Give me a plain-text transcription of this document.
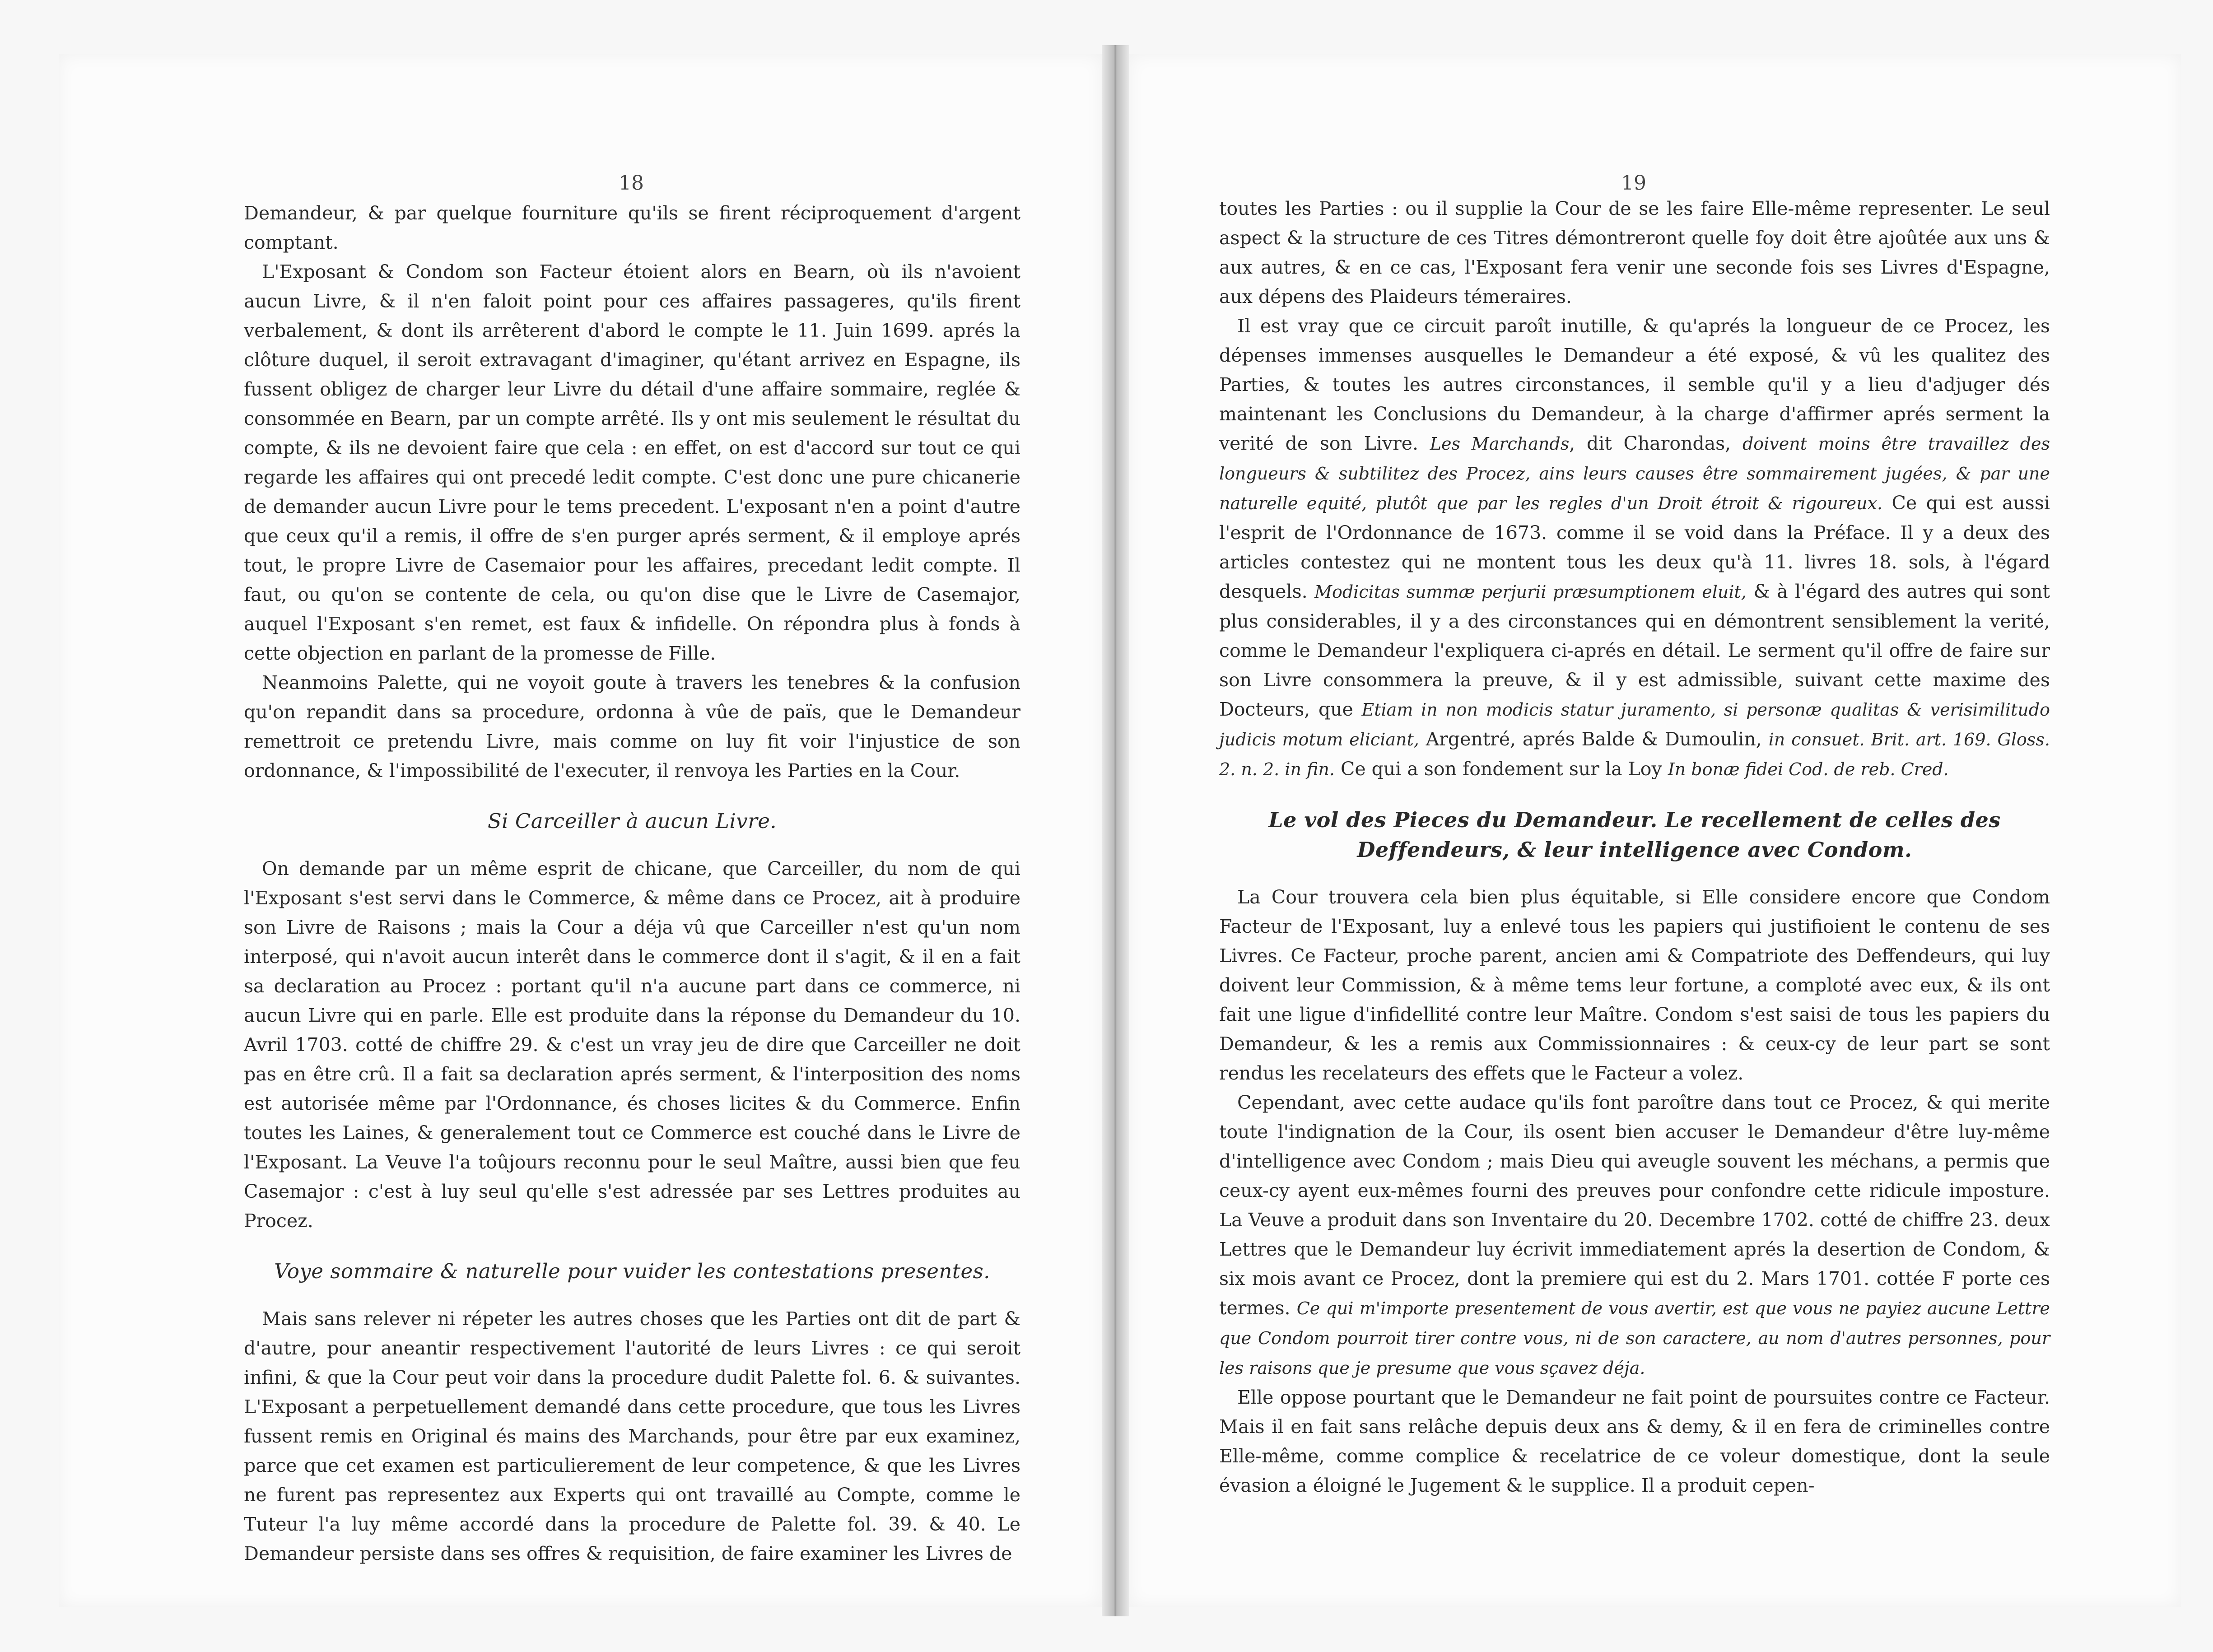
18	19

Demandeur, & par quelque fourniture qu'ils se firent réciproquement d'argent comptant.

L'Exposant & Condom son Facteur étoient alors en Bearn, où ils n'avoient aucun Livre, & il n'en faloit point pour ces affaires passageres, qu'ils firent verbalement, & dont ils arrêterent d'abord le compte le 11. Juin 1699. aprés la clôture duquel, il seroit extravagant d'imaginer, qu'étant arrivez en Espagne, ils fussent obligez de charger leur Livre du détail d'une affaire sommaire, reglée & consommée en Bearn, par un compte arrêté. Ils y ont mis seulement le résultat du compte, & ils ne devoient faire que cela : en effet, on est d'accord sur tout ce qui regarde les affaires qui ont precedé ledit compte. C'est donc une pure chicanerie de demander aucun Livre pour le tems precedent. L'exposant n'en a point d'autre que ceux qu'il a remis, il offre de s'en purger aprés serment, & il employe aprés tout, le propre Livre de Casemaior pour les affaires, precedant ledit compte. Il faut, ou qu'on se contente de cela, ou qu'on dise que le Livre de Casemajor, auquel l'Exposant s'en remet, est faux & infidelle. On répondra plus à fonds à cette objection en parlant de la promesse de Fille.

Neanmoins Palette, qui ne voyoit goute à travers les tenebres & la confusion qu'on repandit dans sa procedure, ordonna à vûe de païs, que le Demandeur remettroit ce pretendu Livre, mais comme on luy fit voir l'injustice de son ordonnance, & l'impossibilité de l'executer, il renvoya les Parties en la Cour.

Si Carceiller à aucun Livre.

On demande par un même esprit de chicane, que Carceiller, du nom de qui l'Exposant s'est servi dans le Commerce, & même dans ce Procez, ait à produire son Livre de Raisons ; mais la Cour a déja vû que Carceiller n'est qu'un nom interposé, qui n'avoit aucun interêt dans le commerce dont il s'agit, & il en a fait sa declaration au Procez : portant qu'il n'a aucune part dans ce commerce, ni aucun Livre qui en parle. Elle est produite dans la réponse du Demandeur du 10. Avril 1703. cotté de chiffre 29. & c'est un vray jeu de dire que Carceiller ne doit pas en être crû. Il a fait sa declaration aprés serment, & l'interposition des noms est autorisée même par l'Ordonnance, és choses licites & du Commerce. Enfin toutes les Laines, & generalement tout ce Commerce est couché dans le Livre de l'Exposant. La Veuve l'a toûjours reconnu pour le seul Maître, aussi bien que feu Casemajor : c'est à luy seul qu'elle s'est adressée par ses Lettres produites au Procez.

Voye sommaire & naturelle pour vuider les contestations presentes.

Mais sans relever ni répeter les autres choses que les Parties ont dit de part & d'autre, pour aneantir respectivement l'autorité de leurs Livres : ce qui seroit infini, & que la Cour peut voir dans la procedure dudit Palette fol. 6. & suivantes. L'Exposant a perpetuellement demandé dans cette procedure, que tous les Livres fussent remis en Original és mains des Marchands, pour être par eux examinez, parce que cet examen est particulierement de leur competence, & que les Livres ne furent pas representez aux Experts qui ont travaillé au Compte, comme le Tuteur l'a luy même accordé dans la procedure de Palette fol. 39. & 40. Le Demandeur persiste dans ses offres & requisition, de faire examiner les Livres de

toutes les Parties : ou il supplie la Cour de se les faire Elle-même representer. Le seul aspect & la structure de ces Titres démontreront quelle foy doit être ajoûtée aux uns & aux autres, & en ce cas, l'Exposant fera venir une seconde fois ses Livres d'Espagne, aux dépens des Plaideurs témeraires.

Il est vray que ce circuit paroît inutille, & qu'aprés la longueur de ce Procez, les dépenses immenses ausquelles le Demandeur a été exposé, & vû les qualitez des Parties, & toutes les autres circonstances, il semble qu'il y a lieu d'adjuger dés maintenant les Conclusions du Demandeur, à la charge d'affirmer aprés serment la verité de son Livre. Les Marchands, dit Charondas, doivent moins être travaillez des longueurs & subtilitez des Procez, ains leurs causes être sommairement jugées, & par une naturelle equité, plutôt que par les regles d'un Droit étroit & rigoureux. Ce qui est aussi l'esprit de l'Ordonnance de 1673. comme il se void dans la Préface. Il y a deux des articles contestez qui ne montent tous les deux qu'à 11. livres 18. sols, à l'égard desquels. Modicitas summæ perjurii præsumptionem eluit, & à l'égard des autres qui sont plus considerables, il y a des circonstances qui en démontrent sensiblement la verité, comme le Demandeur l'expliquera ci-aprés en détail. Le serment qu'il offre de faire sur son Livre consommera la preuve, & il y est admissible, suivant cette maxime des Docteurs, que Etiam in non modicis statur juramento, si personæ qualitas & verisimilitudo judicis motum eliciant, Argentré, aprés Balde & Dumoulin, in consuet. Brit. art. 169. Gloss. 2. n. 2. in fin. Ce qui a son fondement sur la Loy In bonæ fidei Cod. de reb. Cred.

Le vol des Pieces du Demandeur. Le recellement de celles des Deffendeurs, & leur intelligence avec Condom.

La Cour trouvera cela bien plus équitable, si Elle considere encore que Condom Facteur de l'Exposant, luy a enlevé tous les papiers qui justifioient le contenu de ses Livres. Ce Facteur, proche parent, ancien ami & Compatriote des Deffendeurs, qui luy doivent leur Commission, & à même tems leur fortune, a comploté avec eux, & ils ont fait une ligue d'infidellité contre leur Maître. Condom s'est saisi de tous les papiers du Demandeur, & les a remis aux Commissionnaires : & ceux-cy de leur part se sont rendus les recelateurs des effets que le Facteur a volez.

Cependant, avec cette audace qu'ils font paroître dans tout ce Procez, & qui merite toute l'indignation de la Cour, ils osent bien accuser le Demandeur d'être luy-même d'intelligence avec Condom ; mais Dieu qui aveugle souvent les méchans, a permis que ceux-cy ayent eux-mêmes fourni des preuves pour confondre cette ridicule imposture. La Veuve a produit dans son Inventaire du 20. Decembre 1702. cotté de chiffre 23. deux Lettres que le Demandeur luy écrivit immediatement aprés la desertion de Condom, & six mois avant ce Procez, dont la premiere qui est du 2. Mars 1701. cottée F porte ces termes. Ce qui m'importe presentement de vous avertir, est que vous ne payiez aucune Lettre que Condom pourroit tirer contre vous, ni de son caractere, au nom d'autres personnes, pour les raisons que je presume que vous sçavez déja.

Elle oppose pourtant que le Demandeur ne fait point de poursuites contre ce Facteur. Mais il en fait sans relâche depuis deux ans & demy, & il en fera de criminelles contre Elle-même, comme complice & recelatrice de ce voleur domestique, dont la seule évasion a éloigné le Jugement & le supplice. Il a produit cepen-
